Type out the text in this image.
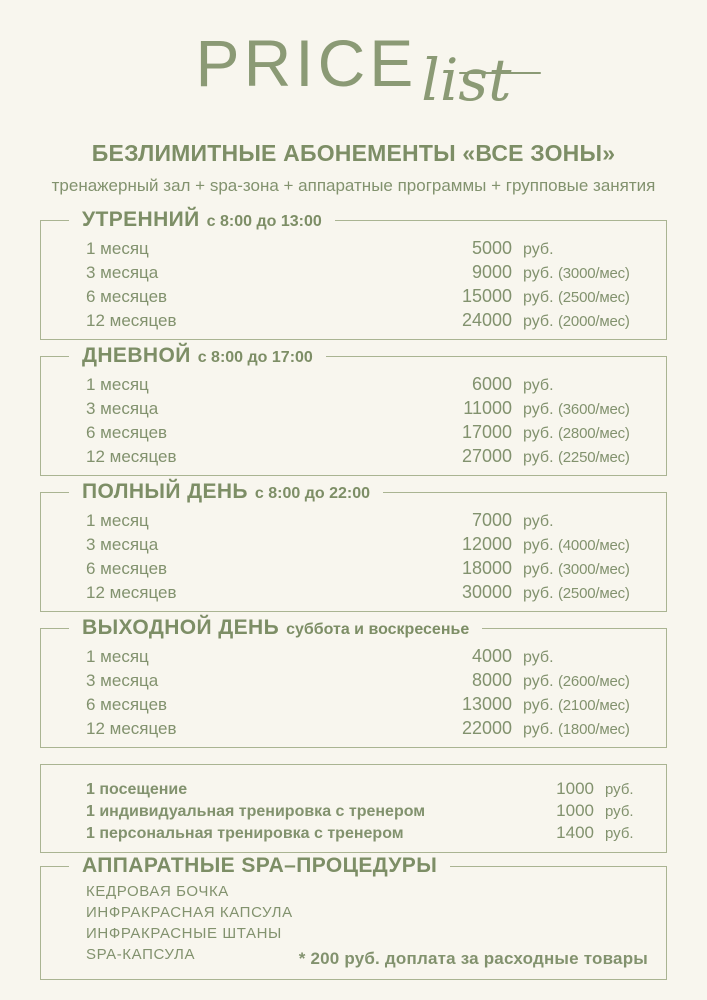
PRICElist
БЕЗЛИМИТНЫЕ АБОНЕМЕНТЫ «ВСЕ ЗОНЫ»
тренажерный зал + spa-зона + аппаратные программы + групповые занятия
УТРЕННИЙ с 8:00 до 13:00
1 месяц	5000 руб.
3 месяца	9000 руб. (3000/мес)
6 месяцев	15000 руб. (2500/мес)
12 месяцев	24000 руб. (2000/мес)
ДНЕВНОЙ с 8:00 до 17:00
1 месяц	6000 руб.
3 месяца	11000 руб. (3600/мес)
6 месяцев	17000 руб. (2800/мес)
12 месяцев	27000 руб. (2250/мес)
ПОЛНЫЙ ДЕНЬ с 8:00 до 22:00
1 месяц	7000 руб.
3 месяца	12000 руб. (4000/мес)
6 месяцев	18000 руб. (3000/мес)
12 месяцев	30000 руб. (2500/мес)
ВЫХОДНОЙ ДЕНЬ суббота и воскресенье
1 месяц	4000 руб.
3 месяца	8000 руб. (2600/мес)
6 месяцев	13000 руб. (2100/мес)
12 месяцев	22000 руб. (1800/мес)
1 посещение	1000 руб.
1 индивидуальная тренировка с тренером	1000 руб.
1 персональная тренировка с тренером	1400 руб.
АППАРАТНЫЕ SPA–ПРОЦЕДУРЫ
КЕДРОВАЯ БОЧКА
ИНФРАКРАСНАЯ КАПСУЛА
ИНФРАКРАСНЫЕ ШТАНЫ
SPA-КАПСУЛА	* 200 руб. доплата за расходные товары
